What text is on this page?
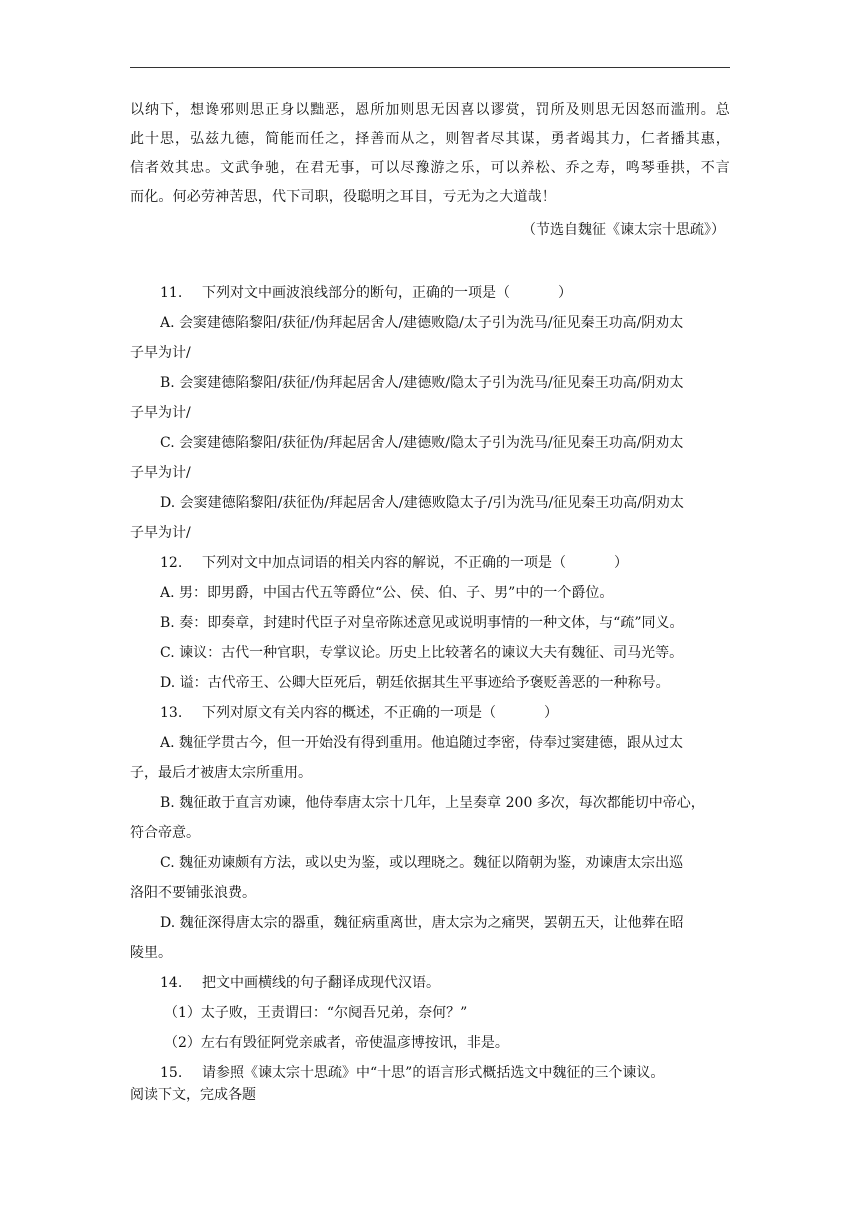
以纳下，想谗邪则思正身以黜恶，恩所加则思无因喜以谬赏，罚所及则思无因怒而滥刑。总
此十思，弘兹九德，简能而任之，择善而从之，则智者尽其谋，勇者竭其力，仁者播其惠，
信者效其忠。文武争驰，在君无事，可以尽豫游之乐，可以养松、乔之寿，鸣琴垂拱，不言
而化。何必劳神苦思，代下司职，役聪明之耳目，亏无为之大道哉！
（节选自魏征《谏太宗十思疏》）
11. 下列对文中画波浪线部分的断句，正确的一项是（	）
A. 会窦建德陷黎阳/获征/伪拜起居舍人/建德败隐/太子引为洗马/征见秦王功高/阴劝太
子早为计/
B. 会窦建德陷黎阳/获征/伪拜起居舍人/建德败/隐太子引为洗马/征见秦王功高/阴劝太
子早为计/
C. 会窦建德陷黎阳/获征伪/拜起居舍人/建德败/隐太子引为洗马/征见秦王功高/阴劝太
子早为计/
D. 会窦建德陷黎阳/获征伪/拜起居舍人/建德败隐太子/引为洗马/征见秦王功高/阴劝太
子早为计/
12. 下列对文中加点词语的相关内容的解说，不正确的一项是（	）
A. 男：即男爵，中国古代五等爵位“公、侯、伯、子、男”中的一个爵位。
B. 奏：即奏章，封建时代臣子对皇帝陈述意见或说明事情的一种文体，与“疏”同义。
C. 谏议：古代一种官职，专掌议论。历史上比较著名的谏议大夫有魏征、司马光等。
D. 谥：古代帝王、公卿大臣死后，朝廷依据其生平事迹给予褒贬善恶的一种称号。
13. 下列对原文有关内容的概述，不正确的一项是（	）
A. 魏征学贯古今，但一开始没有得到重用。他追随过李密，侍奉过窦建德，跟从过太
子，最后才被唐太宗所重用。
B. 魏征敢于直言劝谏，他侍奉唐太宗十几年，上呈奏章 200 多次，每次都能切中帝心，
符合帝意。
C. 魏征劝谏颇有方法，或以史为鉴，或以理晓之。魏征以隋朝为鉴，劝谏唐太宗出巡
洛阳不要铺张浪费。
D. 魏征深得唐太宗的器重，魏征病重离世，唐太宗为之痛哭，罢朝五天，让他葬在昭
陵里。
14. 把文中画横线的句子翻译成现代汉语。
（1）太子败，王责谓曰：“尔阋吾兄弟，奈何？”
（2）左右有毁征阿党亲戚者，帝使温彦博按讯，非是。
15. 请参照《谏太宗十思疏》中“十思”的语言形式概括选文中魏征的三个谏议。
阅读下文，完成各题
